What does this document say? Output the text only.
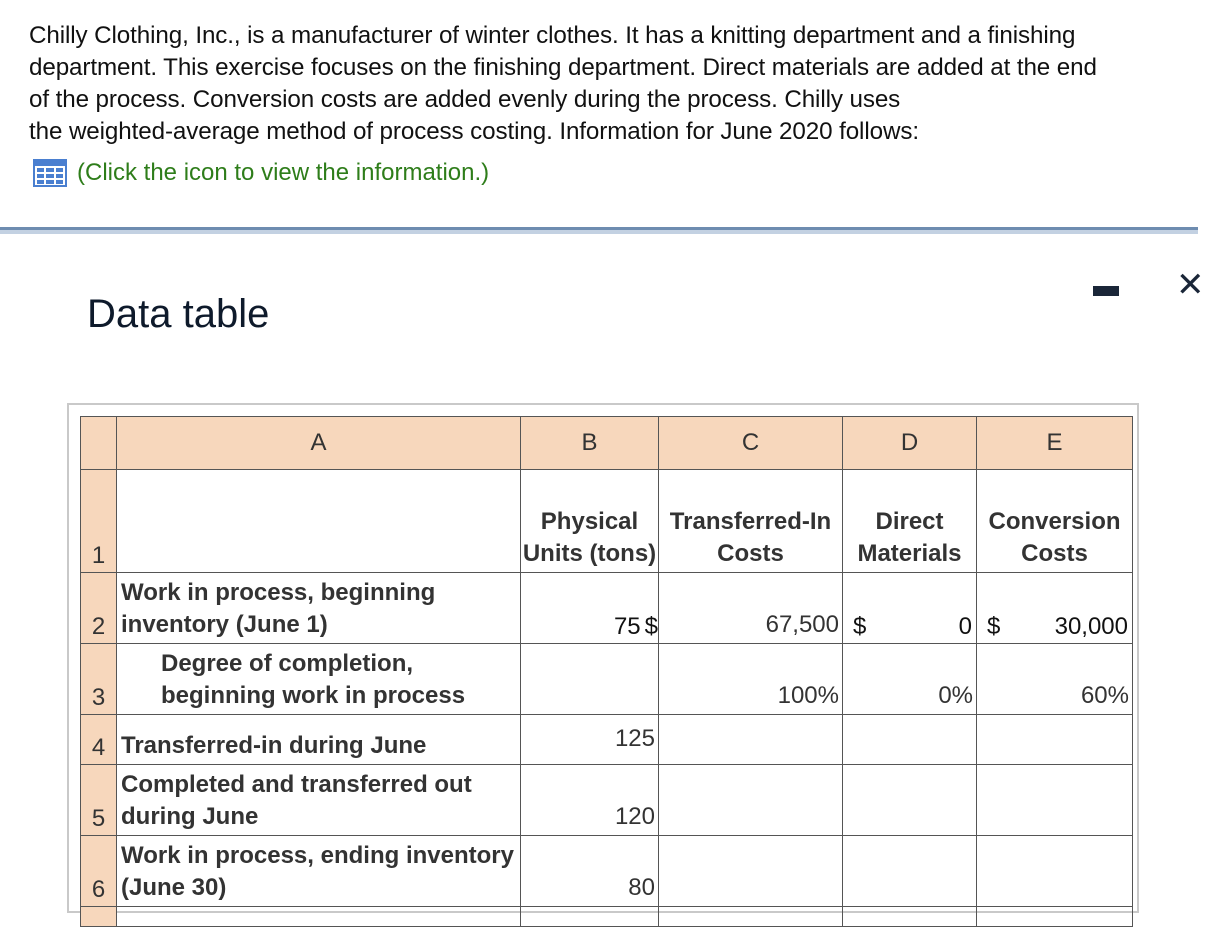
Chilly Clothing, Inc., is a manufacturer of winter clothes. It has a knitting department and a finishing

department. This exercise focuses on the finishing department. Direct materials are added at the end

of the process. Conversion costs are added evenly during the process. Chilly uses

the weighted-average method of process costing. Information for June 2020 follows:

(Click the icon to view the information.)
Data table
✕
	A	B	C	D	E
1		Physical Units (tons)	Transferred-In Costs	Direct Materials	Conversion Costs
2	Work in process, beginning inventory (June 1)	75 $	67,500	$ 0	$ 30,000

3	Degree of completion, beginning work in process		100%	0%	60%
4	Transferred-in during June	125			
5	Completed and transferred out during June	120			
6	Work in process, ending inventory (June 30)	80			
